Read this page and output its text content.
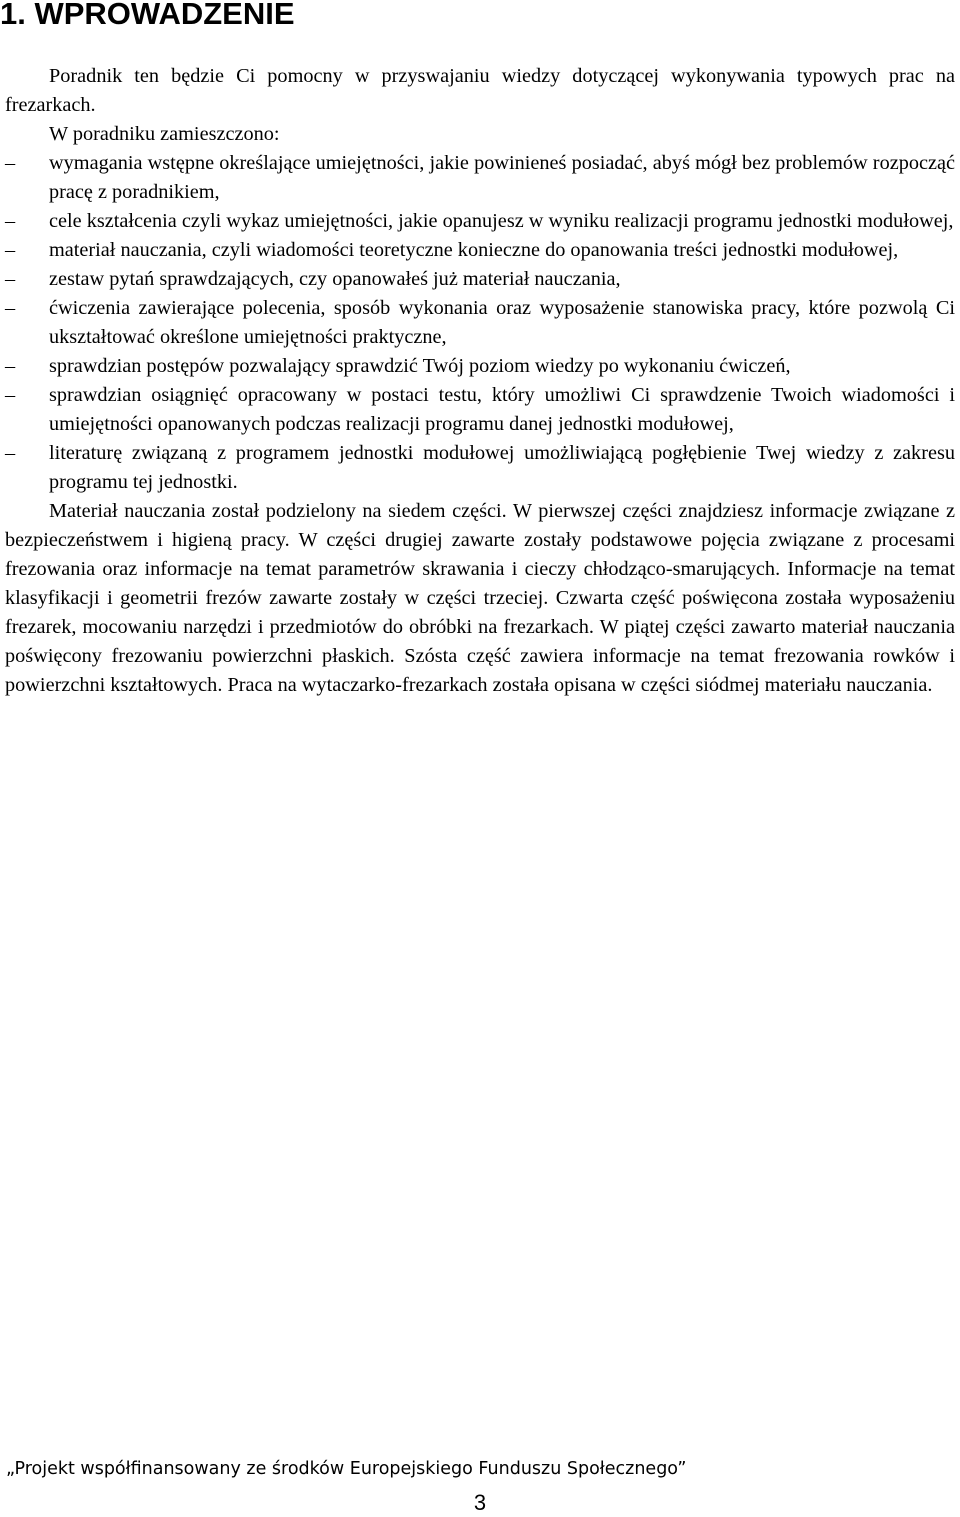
1. WPROWADZENIE

Poradnik ten będzie Ci pomocny w przyswajaniu wiedzy dotyczącej wykonywania typowych prac na frezarkach.

W poradniku zamieszczono:

– wymagania wstępne określające umiejętności, jakie powinieneś posiadać, abyś mógł bez problemów rozpocząć pracę z poradnikiem,
– cele kształcenia czyli wykaz umiejętności, jakie opanujesz w wyniku realizacji programu jednostki modułowej,
– materiał nauczania, czyli wiadomości teoretyczne konieczne do opanowania treści jednostki modułowej,
– zestaw pytań sprawdzających, czy opanowałeś już materiał nauczania,
– ćwiczenia zawierające polecenia, sposób wykonania oraz wyposażenie stanowiska pracy, które pozwolą Ci ukształtować określone umiejętności praktyczne,
– sprawdzian postępów pozwalający sprawdzić Twój poziom wiedzy po wykonaniu ćwiczeń,
– sprawdzian osiągnięć opracowany w postaci testu, który umożliwi Ci sprawdzenie Twoich wiadomości i umiejętności opanowanych podczas realizacji programu danej jednostki modułowej,
– literaturę związaną z programem jednostki modułowej umożliwiającą pogłębienie Twej wiedzy z zakresu programu tej jednostki.

Materiał nauczania został podzielony na siedem części. W pierwszej części znajdziesz informacje związane z bezpieczeństwem i higieną pracy. W części drugiej zawarte zostały podstawowe pojęcia związane z procesami frezowania oraz informacje na temat parametrów skrawania i cieczy chłodząco-smarujących. Informacje na temat klasyfikacji i geometrii frezów zawarte zostały w części trzeciej. Czwarta część poświęcona została wyposażeniu frezarek, mocowaniu narzędzi i przedmiotów do obróbki na frezarkach. W piątej części zawarto materiał nauczania poświęcony frezowaniu powierzchni płaskich. Szósta część zawiera informacje na temat frezowania rowków i powierzchni kształtowych. Praca na wytaczarko-frezarkach została opisana w części siódmej materiału nauczania.

„Projekt współfinansowany ze środków Europejskiego Funduszu Społecznego”
3
